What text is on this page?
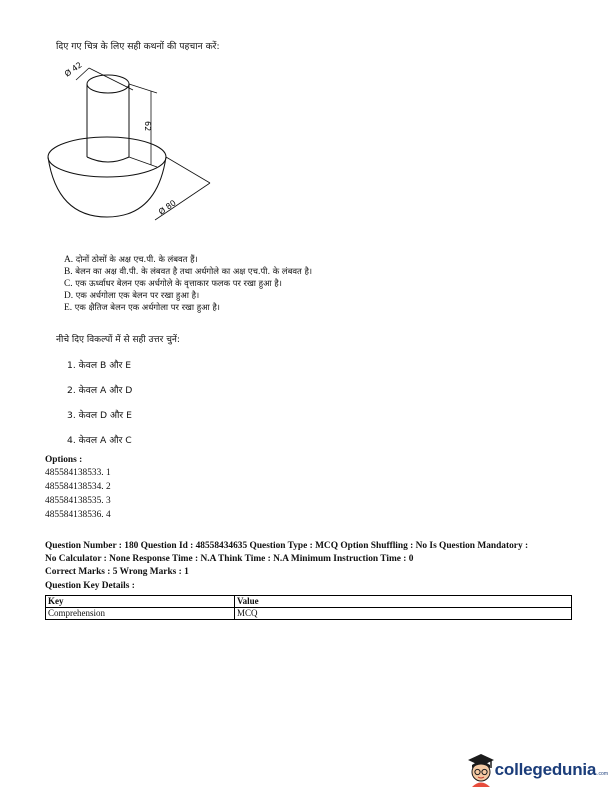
दिए गए चित्र के लिए सही कथनों की पहचान करें:
Ø 42
62
Ø 80
A. दोनों ठोसों के अक्ष एच.पी. के लंबवत हैं।
B. बेलन का अक्ष वी.पी. के लंबवत है तथा अर्धगोले का अक्ष एच.पी. के लंबवत है।
C. एक ऊर्ध्वाधर बेलन एक अर्धगोले के वृत्ताकार फलक पर रखा हुआ है।
D. एक अर्धगोला एक बेलन पर रखा हुआ है।
E. एक क्षैतिज बेलन एक अर्धगोला पर रखा हुआ है।
नीचे दिए विकल्पों में से सही उत्तर चुनें:
1. केवल B और E
2. केवल A और D
3. केवल D और E
4. केवल A और C
Options :
485584138533. 1
485584138534. 2
485584138535. 3
485584138536. 4
Question Number : 180 Question Id : 48558434635 Question Type : MCQ Option Shuffling : No Is Question Mandatory :
No Calculator : None Response Time : N.A Think Time : N.A Minimum Instruction Time : 0
Correct Marks : 5 Wrong Marks : 1
Question Key Details :
Key	Value
Comprehension	MCQ
collegedunia .com
